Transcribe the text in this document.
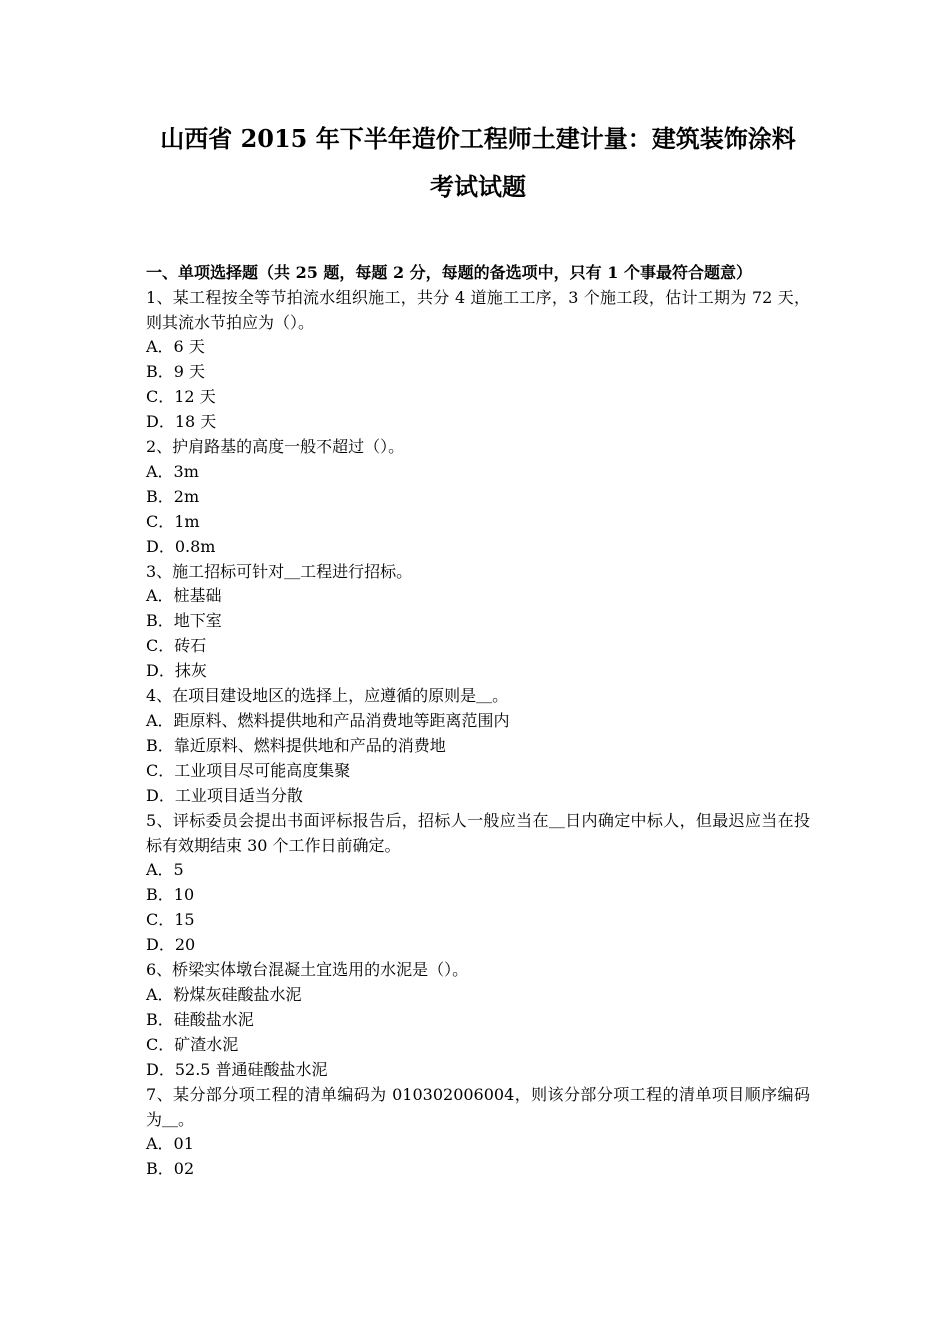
山西省 2015 年下半年造价工程师土建计量：建筑装饰涂料
考试试题
一、单项选择题（共 25 题，每题 2 分，每题的备选项中，只有 1 个事最符合题意）

1、某工程按全等节拍流水组织施工，共分 4 道施工工序，3 个施工段，估计工期为 72 天，则其流水节拍应为（）。

A．6 天

B．9 天

C．12 天

D．18 天

2、护肩路基的高度一般不超过（）。

A．3m

B．2m

C．1m

D．0.8m

3、施工招标可针对＿工程进行招标。

A．桩基础

B．地下室

C．砖石

D．抹灰

4、在项目建设地区的选择上，应遵循的原则是＿。

A．距原料、燃料提供地和产品消费地等距离范围内

B．靠近原料、燃料提供地和产品的消费地

C．工业项目尽可能高度集聚

D．工业项目适当分散

5、评标委员会提出书面评标报告后，招标人一般应当在＿日内确定中标人，但最迟应当在投标有效期结束 30 个工作日前确定。

A．5

B．10

C．15

D．20

6、桥梁实体墩台混凝土宜选用的水泥是（）。

A．粉煤灰硅酸盐水泥

B．硅酸盐水泥

C．矿渣水泥

D．52.5 普通硅酸盐水泥

7、某分部分项工程的清单编码为 010302006004，则该分部分项工程的清单项目顺序编码为＿。

A．01

B．02
